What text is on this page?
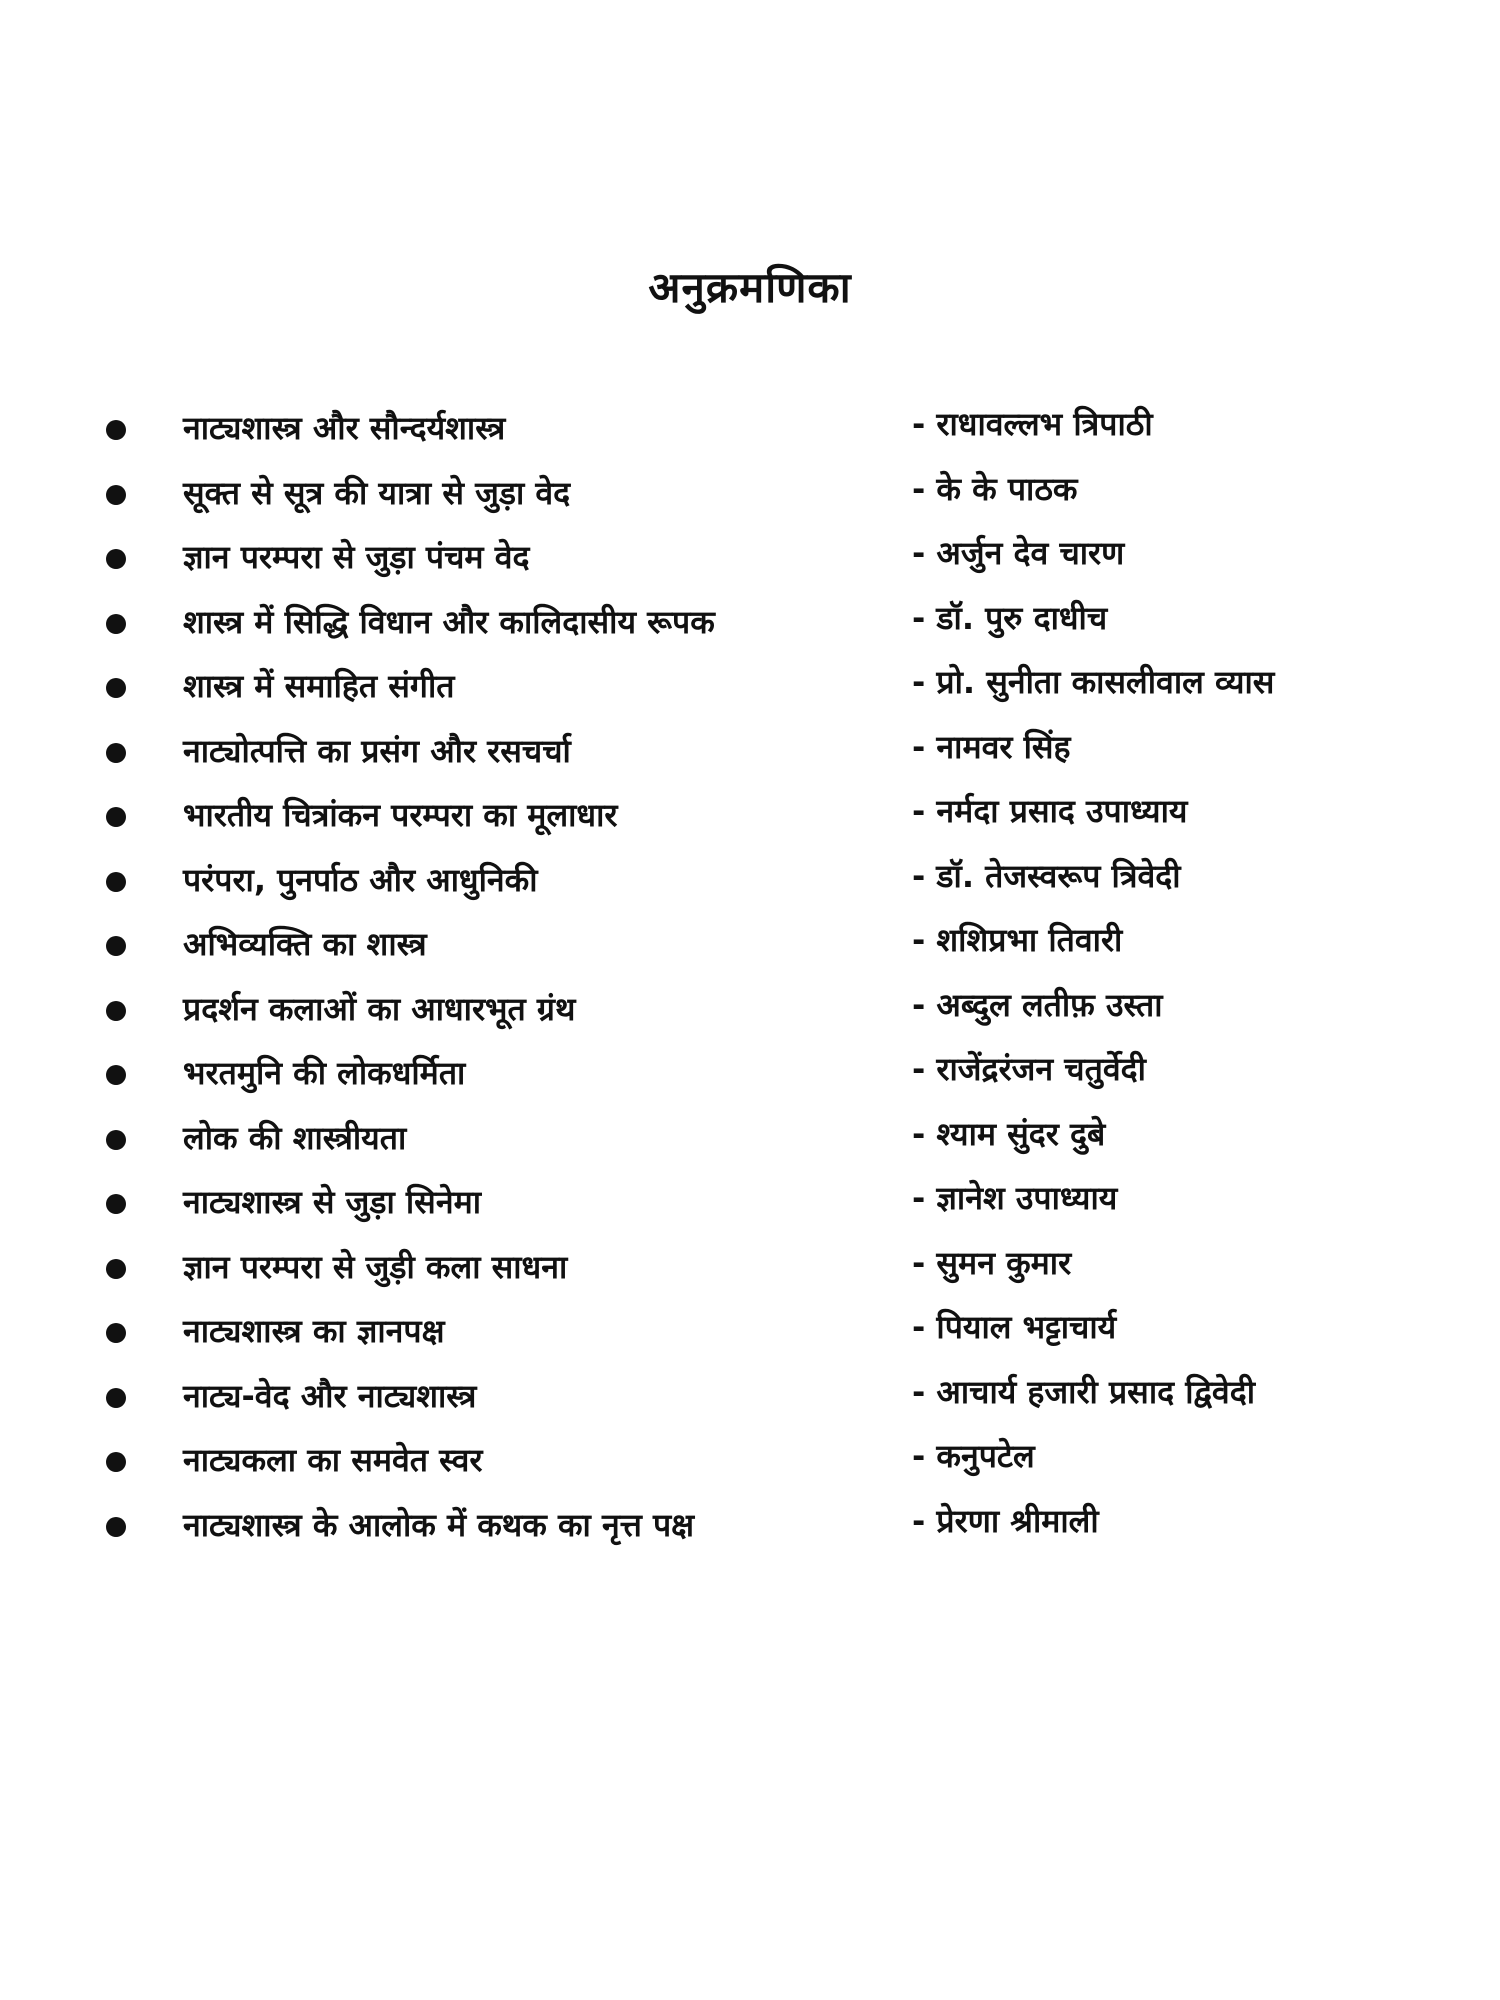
अनुक्रमणिका
नाट्यशास्त्र और सौन्दर्यशास्त्र	- राधावल्लभ त्रिपाठी
सूक्त से सूत्र की यात्रा से जुड़ा वेद	- के के पाठक
ज्ञान परम्परा से जुड़ा पंचम वेद	- अर्जुन देव चारण
शास्त्र में सिद्धि विधान और कालिदासीय रूपक	- डॉ. पुरु दाधीच
शास्त्र में समाहित संगीत	- प्रो. सुनीता कासलीवाल व्यास
नाट्योत्पत्ति का प्रसंग और रसचर्चा	- नामवर सिंह
भारतीय चित्रांकन परम्परा का मूलाधार	- नर्मदा प्रसाद उपाध्याय
परंपरा, पुनर्पाठ और आधुनिकी	- डॉ. तेजस्वरूप त्रिवेदी
अभिव्यक्ति का शास्त्र	- शशिप्रभा तिवारी
प्रदर्शन कलाओं का आधारभूत ग्रंथ	- अब्दुल लतीफ़ उस्ता
भरतमुनि की लोकधर्मिता	- राजेंद्ररंजन चतुर्वेदी
लोक की शास्त्रीयता	- श्याम सुंदर दुबे
नाट्यशास्त्र से जुड़ा सिनेमा	- ज्ञानेश उपाध्याय
ज्ञान परम्परा से जुड़ी कला साधना	- सुमन कुमार
नाट्यशास्त्र का ज्ञानपक्ष	- पियाल भट्टाचार्य
नाट्य-वेद और नाट्यशास्त्र	- आचार्य हजारी प्रसाद द्विवेदी
नाट्यकला का समवेत स्वर	- कनुपटेल
नाट्यशास्त्र के आलोक में कथक का नृत्त पक्ष	- प्रेरणा श्रीमाली
